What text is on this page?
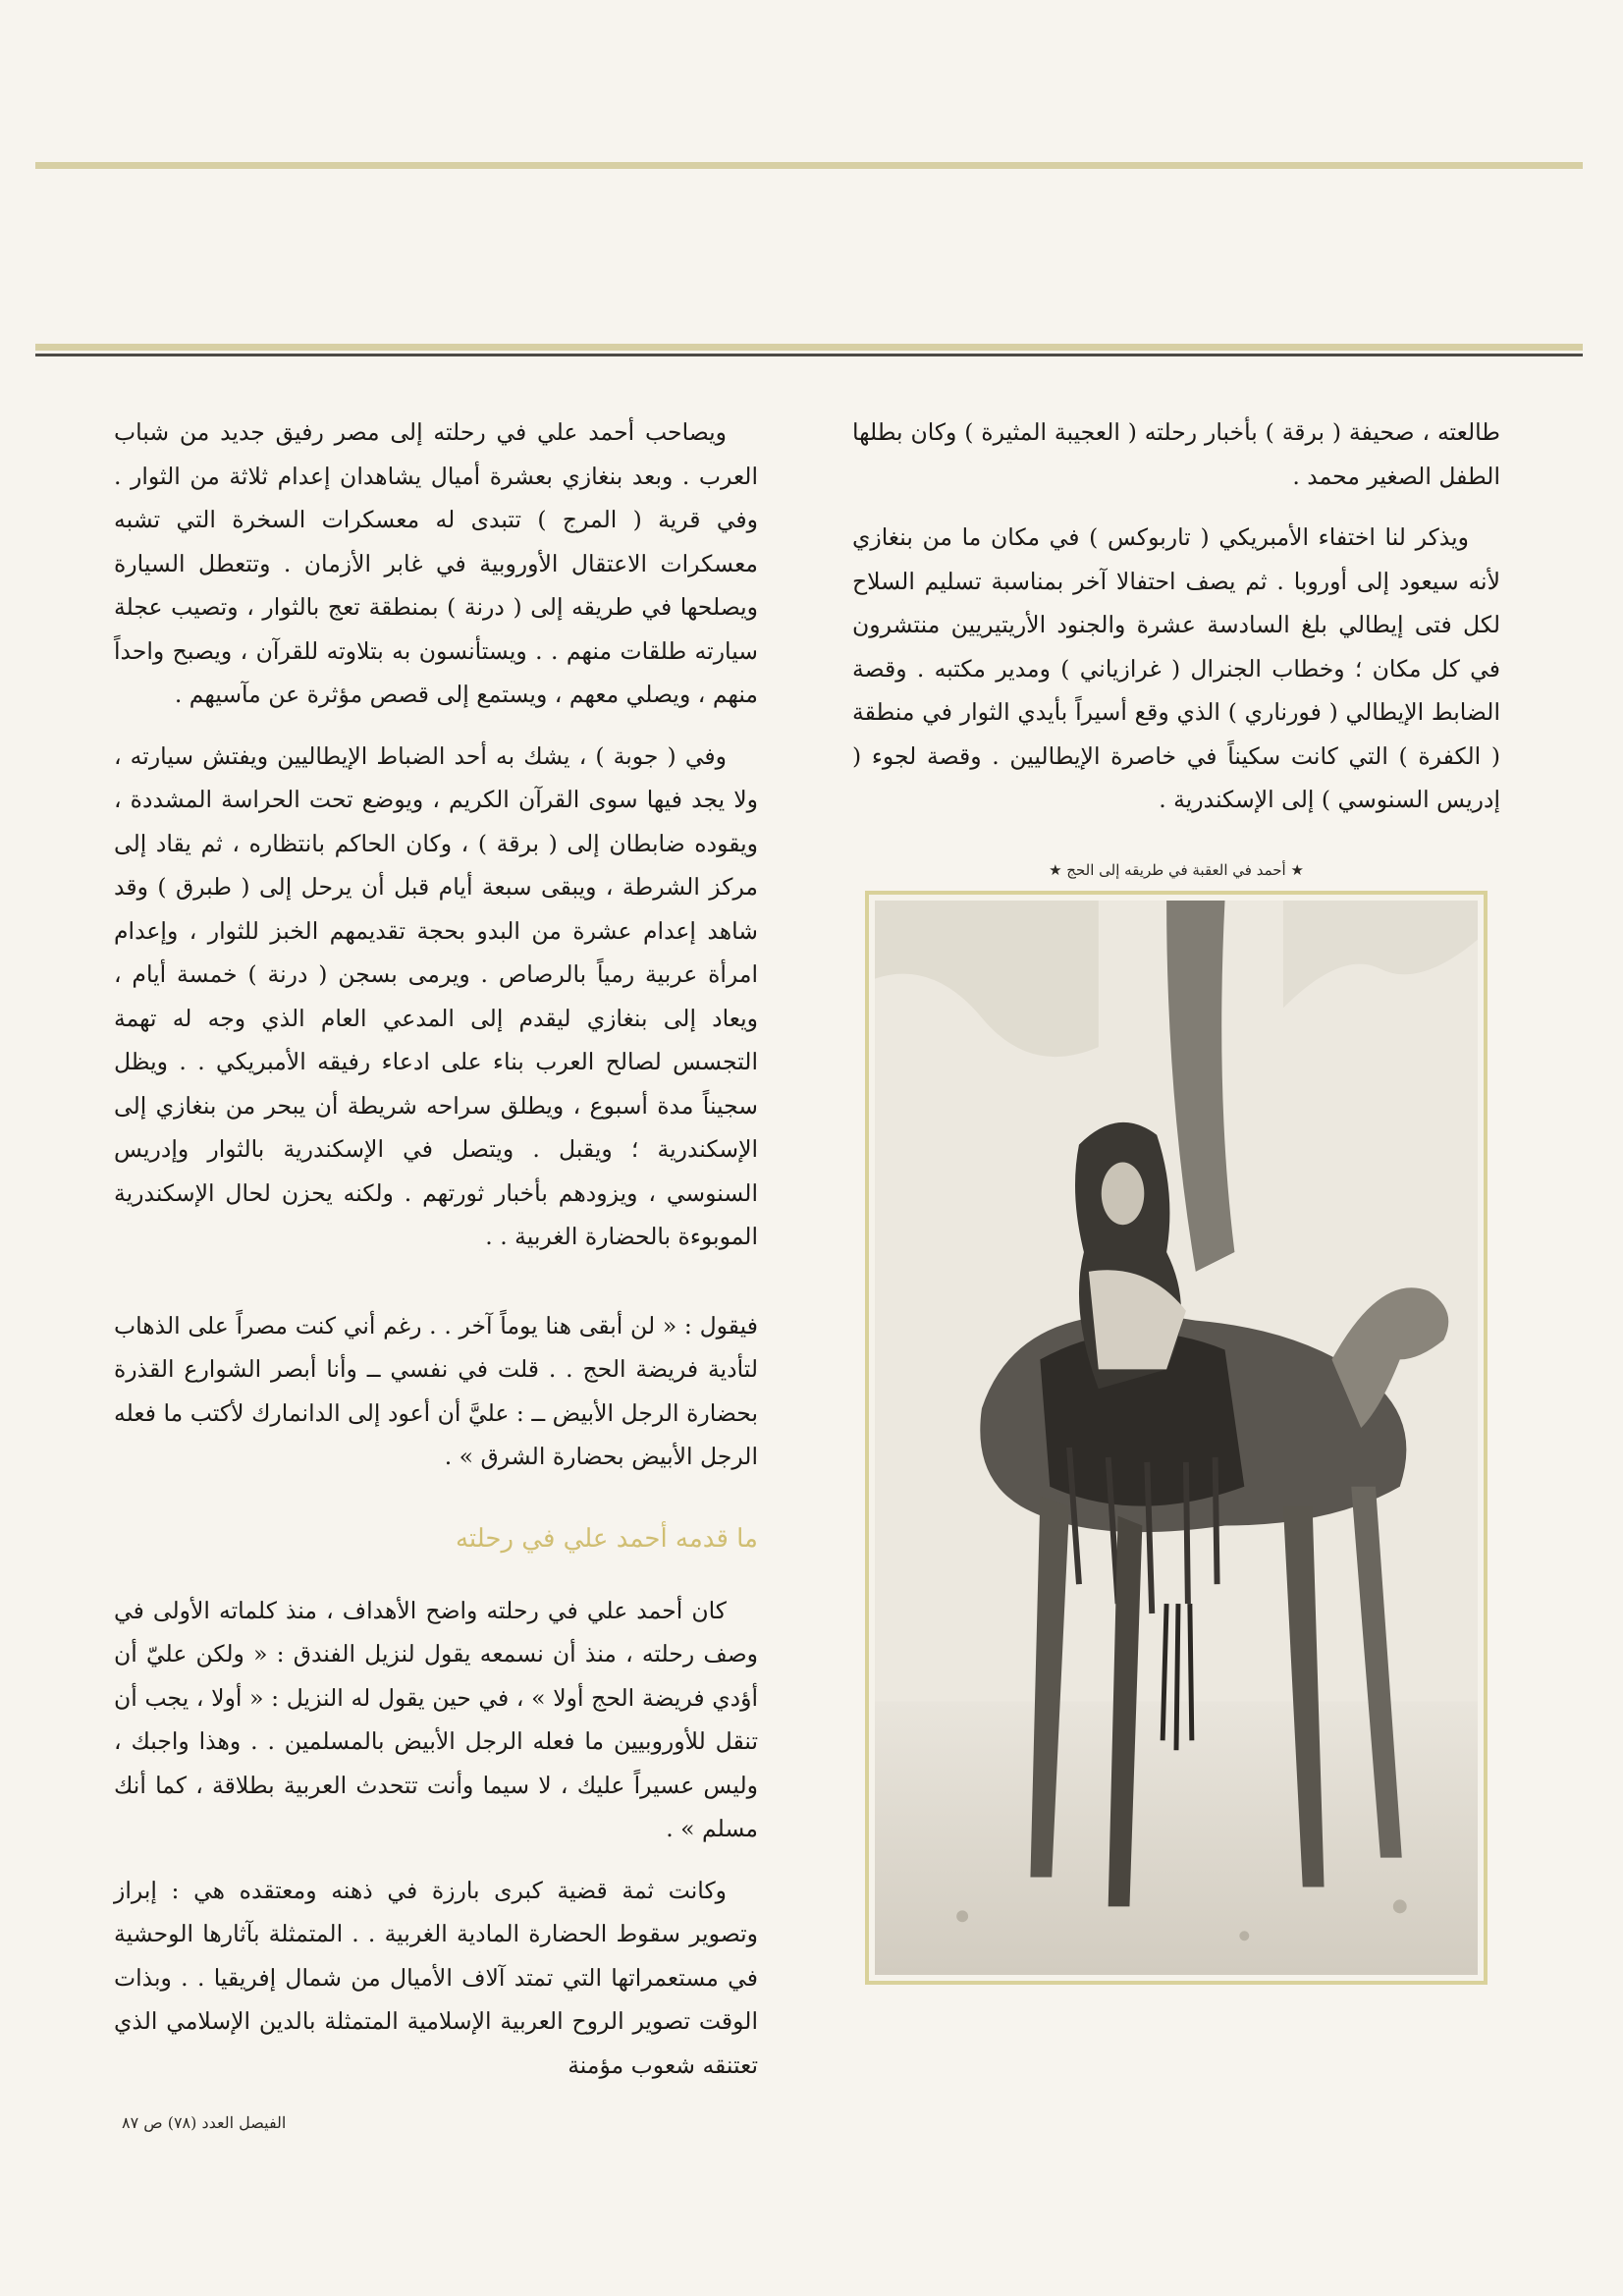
طالعته ، صحيفة ( برقة ) بأخبار رحلته ( العجيبة المثيرة ) وكان بطلها الطفل الصغير محمد .

ويذكر لنا اختفاء الأمبريكي ( تاربوكس ) في مكان ما من بنغازي لأنه سيعود إلى أوروبا . ثم يصف احتفالا آخر بمناسبة تسليم السلاح لكل فتى إيطالي بلغ السادسة عشرة والجنود الأريتيريين منتشرون في كل مكان ؛ وخطاب الجنرال ( غرازياني ) ومدير مكتبه . وقصة الضابط الإيطالي ( فورناري ) الذي وقع أسيراً بأيدي الثوار في منطقة ( الكفرة ) التي كانت سكيناً في خاصرة الإيطاليين . وقصة لجوء ( إدريس السنوسي ) إلى الإسكندرية .

★ أحمد في العقبة في طريقه إلى الحج ★

ويصاحب أحمد علي في رحلته إلى مصر رفيق جديد من شباب العرب . وبعد بنغازي بعشرة أميال يشاهدان إعدام ثلاثة من الثوار . وفي قرية ( المرج ) تتبدى له معسكرات السخرة التي تشبه معسكرات الاعتقال الأوروبية في غابر الأزمان . وتتعطل السيارة ويصلحها في طريقه إلى ( درنة ) بمنطقة تعج بالثوار ، وتصيب عجلة سيارته طلقات منهم . . ويستأنسون به بتلاوته للقرآن ، ويصبح واحداً منهم ، ويصلي معهم ، ويستمع إلى قصص مؤثرة عن مآسيهم .

وفي ( جوبة ) ، يشك به أحد الضباط الإيطاليين ويفتش سيارته ، ولا يجد فيها سوى القرآن الكريم ، ويوضع تحت الحراسة المشددة ، ويقوده ضابطان إلى ( برقة ) ، وكان الحاكم بانتظاره ، ثم يقاد إلى مركز الشرطة ، ويبقى سبعة أيام قبل أن يرحل إلى ( طبرق ) وقد شاهد إعدام عشرة من البدو بحجة تقديمهم الخبز للثوار ، وإعدام امرأة عربية رمياً بالرصاص . ويرمى بسجن ( درنة ) خمسة أيام ، ويعاد إلى بنغازي ليقدم إلى المدعي العام الذي وجه له تهمة التجسس لصالح العرب بناء على ادعاء رفيقه الأمبريكي . . ويظل سجيناً مدة أسبوع ، ويطلق سراحه شريطة أن يبحر من بنغازي إلى الإسكندرية ؛ ويقبل . ويتصل في الإسكندرية بالثوار وإدريس السنوسي ، ويزودهم بأخبار ثورتهم . ولكنه يحزن لحال الإسكندرية الموبوءة بالحضارة الغربية . .

فيقول : « لن أبقى هنا يوماً آخر . . رغم أني كنت مصراً على الذهاب لتأدية فريضة الحج . . قلت في نفسي ــ وأنا أبصر الشوارع القذرة بحضارة الرجل الأبيض ــ : عليَّ أن أعود إلى الدانمارك لأكتب ما فعله الرجل الأبيض بحضارة الشرق » .

ما قدمه أحمد علي في رحلته

كان أحمد علي في رحلته واضح الأهداف ، منذ كلماته الأولى في وصف رحلته ، منذ أن نسمعه يقول لنزيل الفندق : « ولكن عليّ أن أؤدي فريضة الحج أولا » ، في حين يقول له النزيل : « أولا ، يجب أن تنقل للأوروبيين ما فعله الرجل الأبيض بالمسلمين . . وهذا واجبك ، وليس عسيراً عليك ، لا سيما وأنت تتحدث العربية بطلاقة ، كما أنك مسلم » .

وكانت ثمة قضية كبرى بارزة في ذهنه ومعتقده هي : إبراز وتصوير سقوط الحضارة المادية الغربية . . المتمثلة بآثارها الوحشية في مستعمراتها التي تمتد آلاف الأميال من شمال إفريقيا . . وبذات الوقت تصوير الروح العربية الإسلامية المتمثلة بالدين الإسلامي الذي تعتنقه شعوب مؤمنة

الفيصل العدد (٧٨) ص ٨٧
